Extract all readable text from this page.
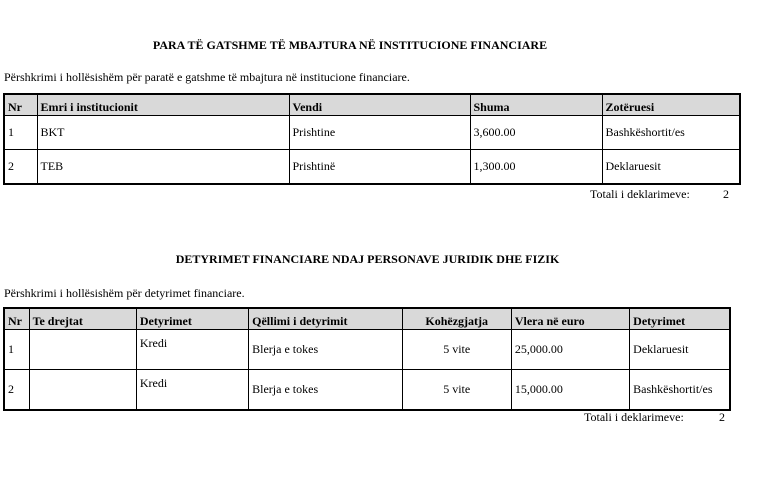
PARA TË GATSHME TË MBAJTURA NË INSTITUCIONE FINANCIARE
Përshkrimi i hollësishëm për paratë e gatshme të mbajtura në institucione financiare.
Nr	Emri i institucionit	Vendi	Shuma	Zotëruesi
1	BKT	Prishtine	3,600.00	Bashkëshortit/es
2	TEB	Prishtinë	1,300.00	Deklaruesit
Totali i deklarimeve:	2
DETYRIMET FINANCIARE NDAJ PERSONAVE JURIDIK DHE FIZIK
Përshkrimi i hollësishëm për detyrimet financiare.
Nr	Te drejtat	Detyrimet	Qëllimi i detyrimit	Kohëzgjatja	Vlera në euro	Detyrimet
1		Kredi	Blerja e tokes	5 vite	25,000.00	Deklaruesit
2		Kredi	Blerja e tokes	5 vite	15,000.00	Bashkëshortit/es
Totali i deklarimeve:	2
